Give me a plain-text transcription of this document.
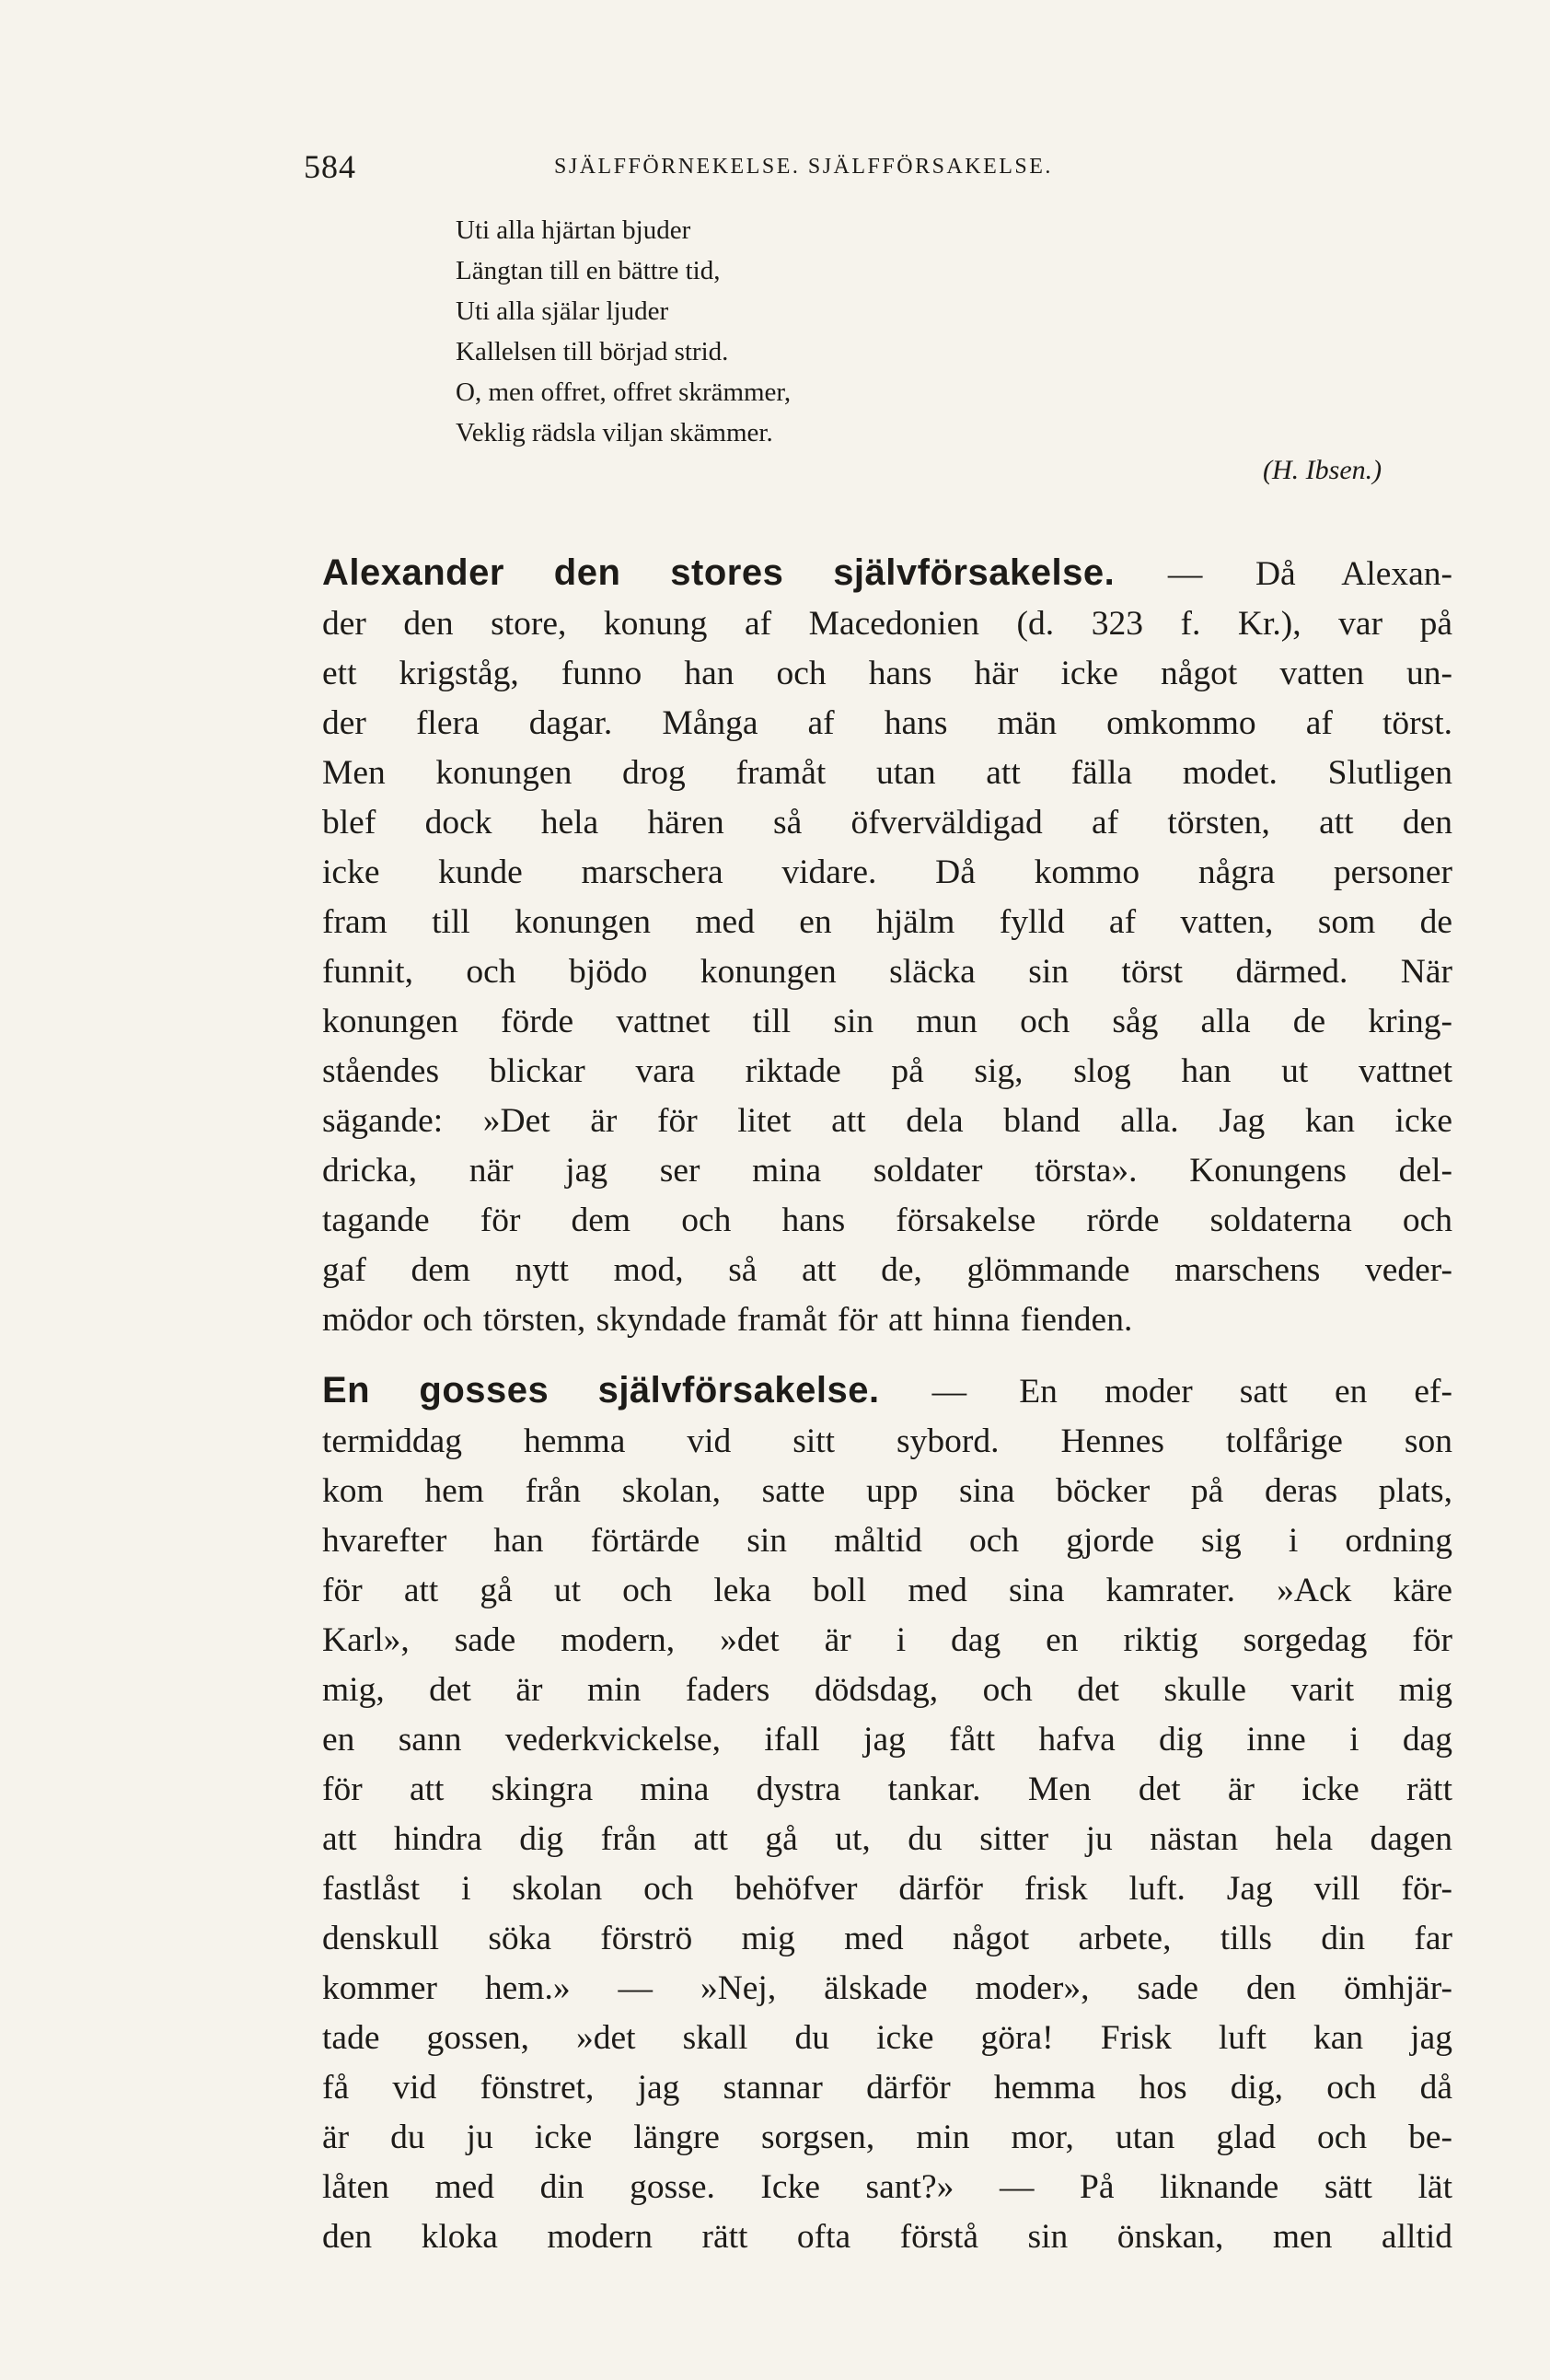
584	SJÄLFFÖRNEKELSE. SJÄLFFÖRSAKELSE.
Uti alla hjärtan bjuder
Längtan till en bättre tid,
Uti alla själar ljuder
Kallelsen till börjad strid.
O, men offret, offret skrämmer,
Veklig rädsla viljan skämmer.
(H. Ibsen.)
Alexander den stores självförsakelse. — Då Alexan-
der den store, konung af Macedonien (d. 323 f. Kr.), var på
ett krigståg, funno han och hans här icke något vatten un-
der flera dagar. Många af hans män omkommo af törst.
Men konungen drog framåt utan att fälla modet. Slutligen
blef dock hela hären så öfverväldigad af törsten, att den
icke kunde marschera vidare. Då kommo några personer
fram till konungen med en hjälm fylld af vatten, som de
funnit, och bjödo konungen släcka sin törst därmed. När
konungen förde vattnet till sin mun och såg alla de kring-
ståendes blickar vara riktade på sig, slog han ut vattnet
sägande: »Det är för litet att dela bland alla. Jag kan icke
dricka, när jag ser mina soldater törsta». Konungens del-
tagande för dem och hans försakelse rörde soldaterna och
gaf dem nytt mod, så att de, glömmande marschens veder-
mödor och törsten, skyndade framåt för att hinna fienden.
En gosses självförsakelse. — En moder satt en ef-
termiddag hemma vid sitt sybord. Hennes tolfårige son
kom hem från skolan, satte upp sina böcker på deras plats,
hvarefter han förtärde sin måltid och gjorde sig i ordning
för att gå ut och leka boll med sina kamrater. »Ack käre
Karl», sade modern, »det är i dag en riktig sorgedag för
mig, det är min faders dödsdag, och det skulle varit mig
en sann vederkvickelse, ifall jag fått hafva dig inne i dag
för att skingra mina dystra tankar. Men det är icke rätt
att hindra dig från att gå ut, du sitter ju nästan hela dagen
fastlåst i skolan och behöfver därför frisk luft. Jag vill för-
denskull söka förströ mig med något arbete, tills din far
kommer hem.» — »Nej, älskade moder», sade den ömhjär-
tade gossen, »det skall du icke göra! Frisk luft kan jag
få vid fönstret, jag stannar därför hemma hos dig, och då
är du ju icke längre sorgsen, min mor, utan glad och be-
låten med din gosse. Icke sant?» — På liknande sätt lät
den kloka modern rätt ofta förstå sin önskan, men alltid
